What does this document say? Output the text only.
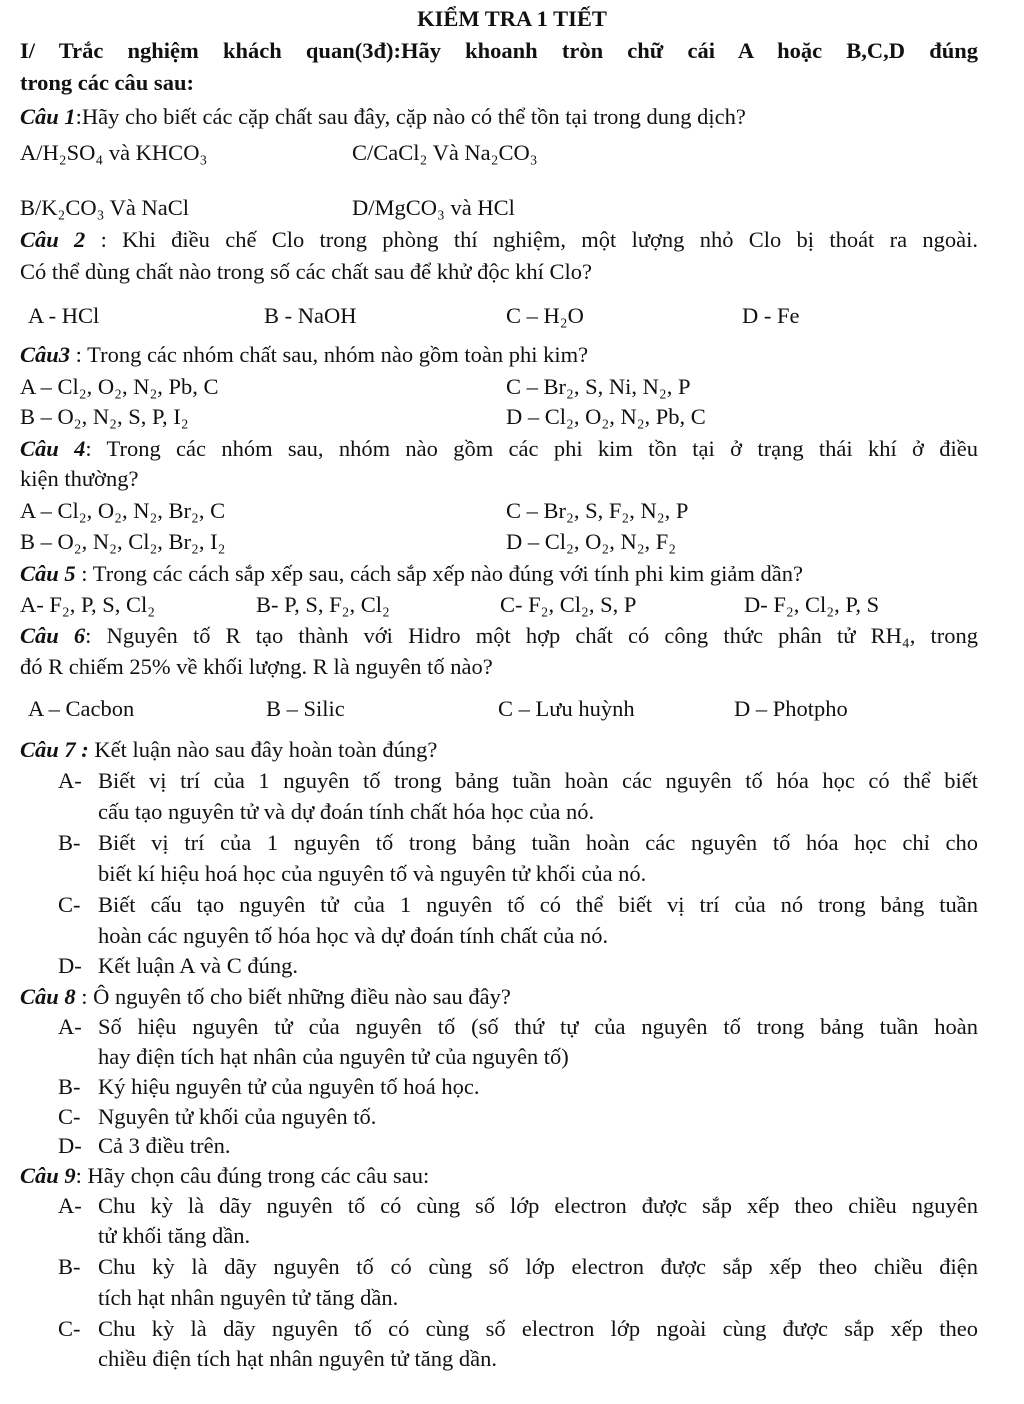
KIỂM TRA 1 TIẾT
I/ Trắc nghiệm khách quan(3đ):Hãy khoanh tròn chữ cái A hoặc B,C,D đúng
trong các câu sau:
Câu 1:Hãy cho biết các cặp chất sau đây, cặp nào có thể tồn tại trong dung dịch?
A/H₂SO₄ và KHCO₃	C/CaCl₂ Và Na₂CO₃
B/K₂CO₃ Và NaCl	D/MgCO₃ và HCl
Câu 2 : Khi điều chế Clo trong phòng thí nghiệm, một lượng nhỏ Clo bị thoát ra ngoài.
Có thể dùng chất nào trong số các chất sau để khử độc khí Clo?
A - HCl	B - NaOH	C – H₂O	D - Fe
Câu3 : Trong các nhóm chất sau, nhóm nào gồm toàn phi kim?
A – Cl₂, O₂, N₂, Pb, C	C – Br₂, S, Ni, N₂, P
B – O₂, N₂, S, P, I₂	D – Cl₂, O₂, N₂, Pb, C
Câu 4: Trong các nhóm sau, nhóm nào gồm các phi kim tồn tại ở trạng thái khí ở điều
kiện thường?
A – Cl₂, O₂, N₂, Br₂, C	C – Br₂, S, F₂, N₂, P
B – O₂, N₂, Cl₂, Br₂, I₂	D – Cl₂, O₂, N₂, F₂
Câu 5 : Trong các cách sắp xếp sau, cách sắp xếp nào đúng với tính phi kim giảm dần?
A- F₂, P, S, Cl₂	B- P, S, F₂, Cl₂	C- F₂, Cl₂, S, P	D- F₂, Cl₂, P, S
Câu 6: Nguyên tố R tạo thành với Hidro một hợp chất có công thức phân tử RH₄, trong
đó R chiếm 25% về khối lượng. R là nguyên tố nào?
A – Cacbon	B – Silic	C – Lưu huỳnh	D – Photpho
Câu 7 : Kết luận nào sau đây hoàn toàn đúng?
A- Biết vị trí của 1 nguyên tố trong bảng tuần hoàn các nguyên tố hóa học có thể biết
cấu tạo nguyên tử và dự đoán tính chất hóa học của nó.
B- Biết vị trí của 1 nguyên tố trong bảng tuần hoàn các nguyên tố hóa học chỉ cho
biết kí hiệu hoá học của nguyên tố và nguyên tử khối của nó.
C- Biết cấu tạo nguyên tử của 1 nguyên tố có thể biết vị trí của nó trong bảng tuần
hoàn các nguyên tố hóa học và dự đoán tính chất của nó.
D- Kết luận A và C đúng.
Câu 8 : Ô nguyên tố cho biết những điều nào sau đây?
A- Số hiệu nguyên tử của nguyên tố (số thứ tự của nguyên tố trong bảng tuần hoàn
hay điện tích hạt nhân của nguyên tử của nguyên tố)
B- Ký hiệu nguyên tử của nguyên tố hoá học.
C- Nguyên tử khối của nguyên tố.
D- Cả 3 điều trên.
Câu 9: Hãy chọn câu đúng trong các câu sau:
A- Chu kỳ là dãy nguyên tố có cùng số lớp electron được sắp xếp theo chiều nguyên
tử khối tăng dần.
B- Chu kỳ là dãy nguyên tố có cùng số lớp electron được sắp xếp theo chiều điện
tích hạt nhân nguyên tử tăng dần.
C- Chu kỳ là dãy nguyên tố có cùng số electron lớp ngoài cùng được sắp xếp theo
chiều điện tích hạt nhân nguyên tử tăng dần.
